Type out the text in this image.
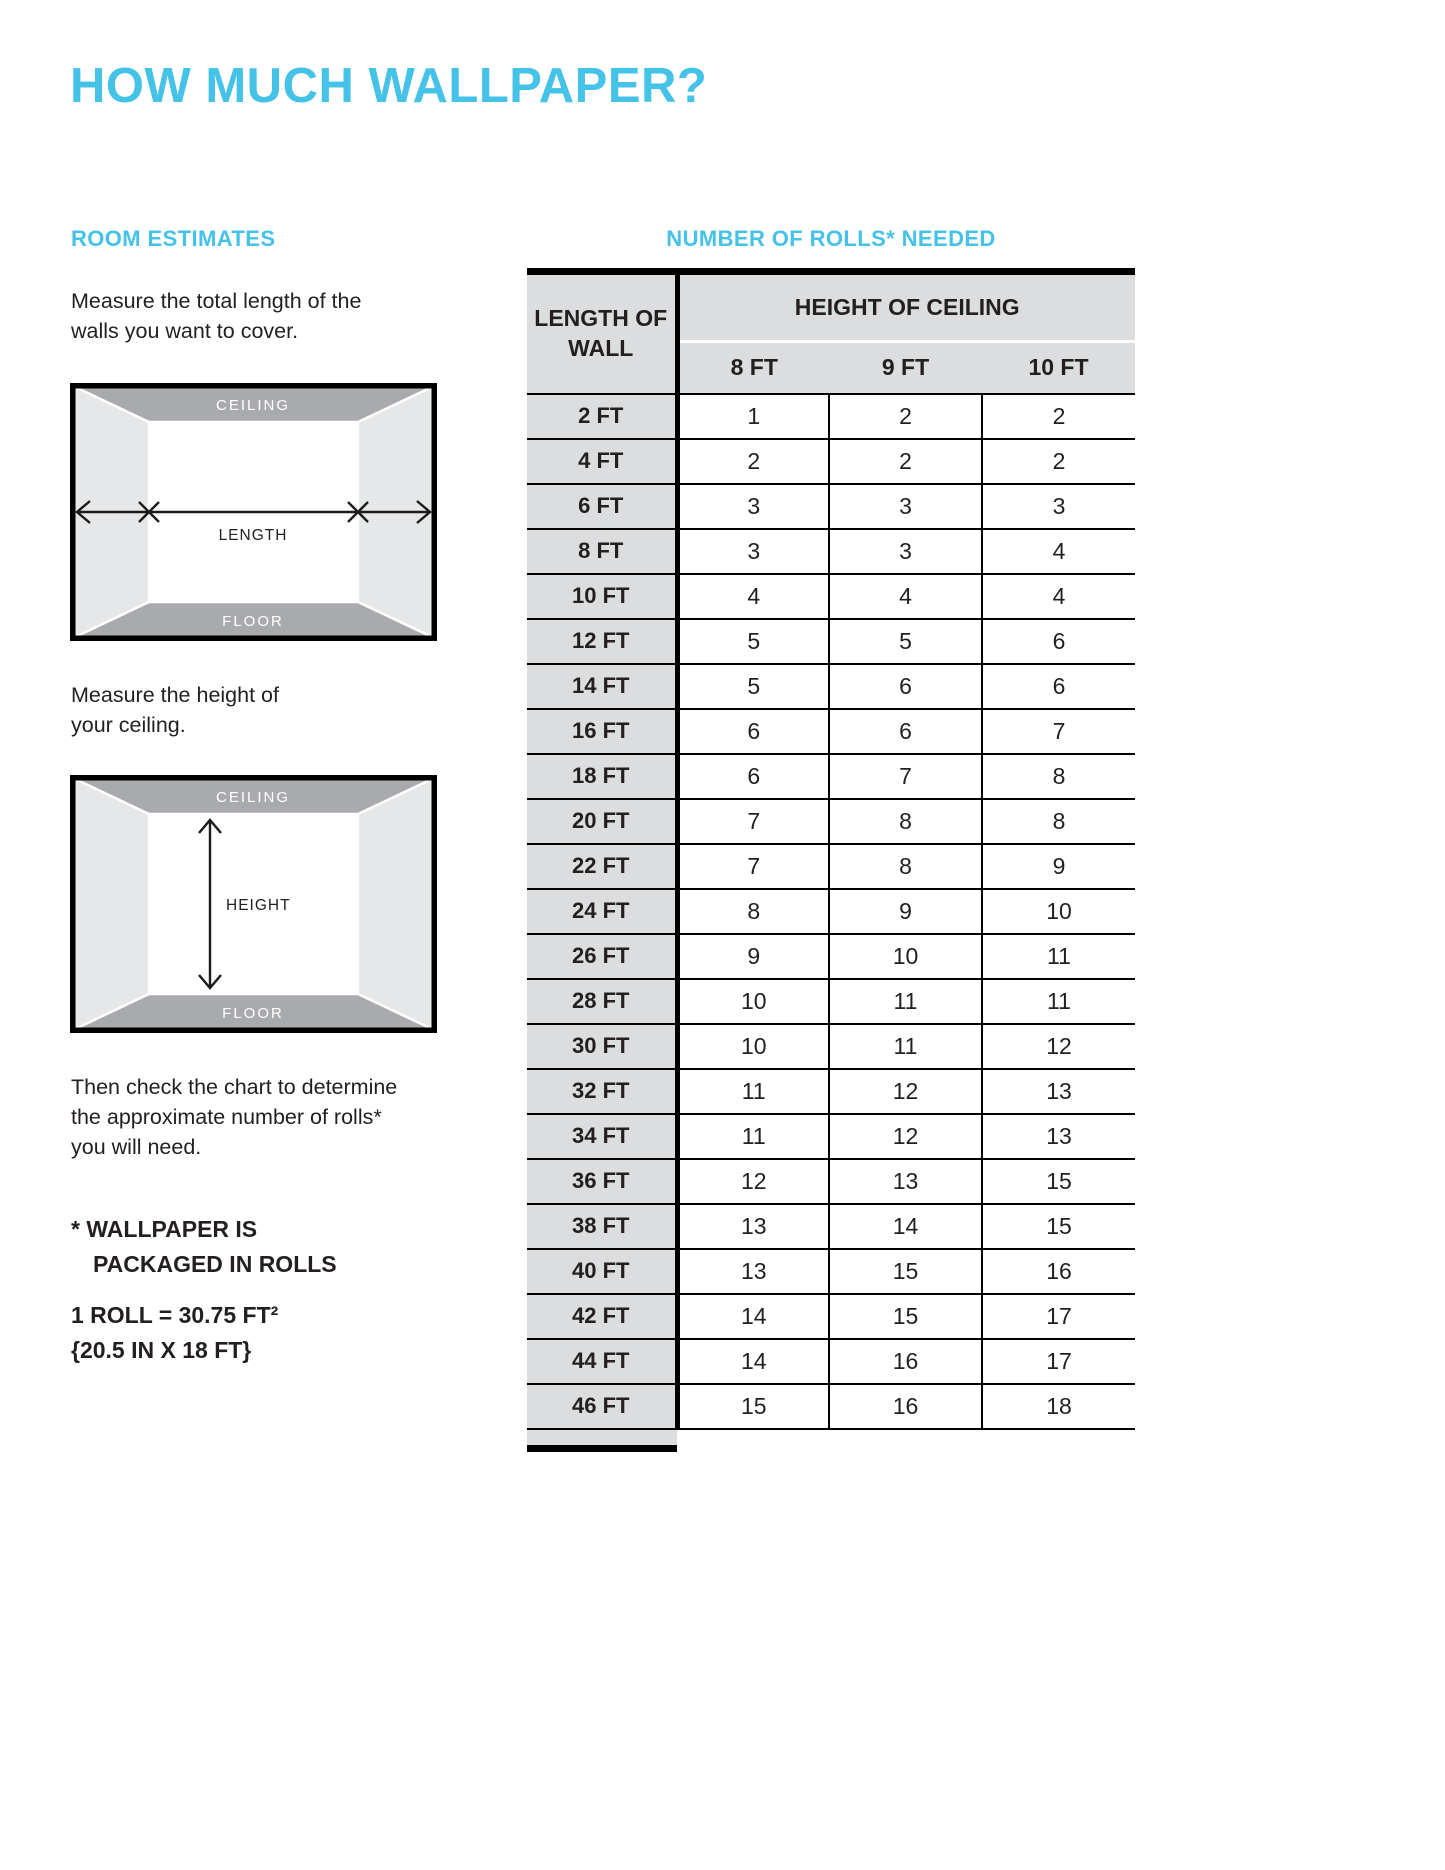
HOW MUCH WALLPAPER?
ROOM ESTIMATES
Measure the total length of the walls you want to cover.
CEILING
FLOOR
LENGTH
Measure the height of your ceiling.
CEILING
FLOOR
HEIGHT
Then check the chart to determine the approximate number of rolls* you will need.
* WALLPAPER IS
PACKAGED IN ROLLS
1 ROLL = 30.75 FT²
{20.5 IN X 18 FT}
NUMBER OF ROLLS* NEEDED
LENGTH OF WALL	HEIGHT OF CEILING		
	8 FT	9 FT	10 FT
2 FT	1	2	2
4 FT	2	2	2
6 FT	3	3	3
8 FT	3	3	4
10 FT	4	4	4
12 FT	5	5	6
14 FT	5	6	6
16 FT	6	6	7
18 FT	6	7	8
20 FT	7	8	8
22 FT	7	8	9
24 FT	8	9	10
26 FT	9	10	11
28 FT	10	11	11
30 FT	10	11	12
32 FT	11	12	13
34 FT	11	12	13
36 FT	12	13	15
38 FT	13	14	15
40 FT	13	15	16
42 FT	14	15	17
44 FT	14	16	17
46 FT	15	16	18
